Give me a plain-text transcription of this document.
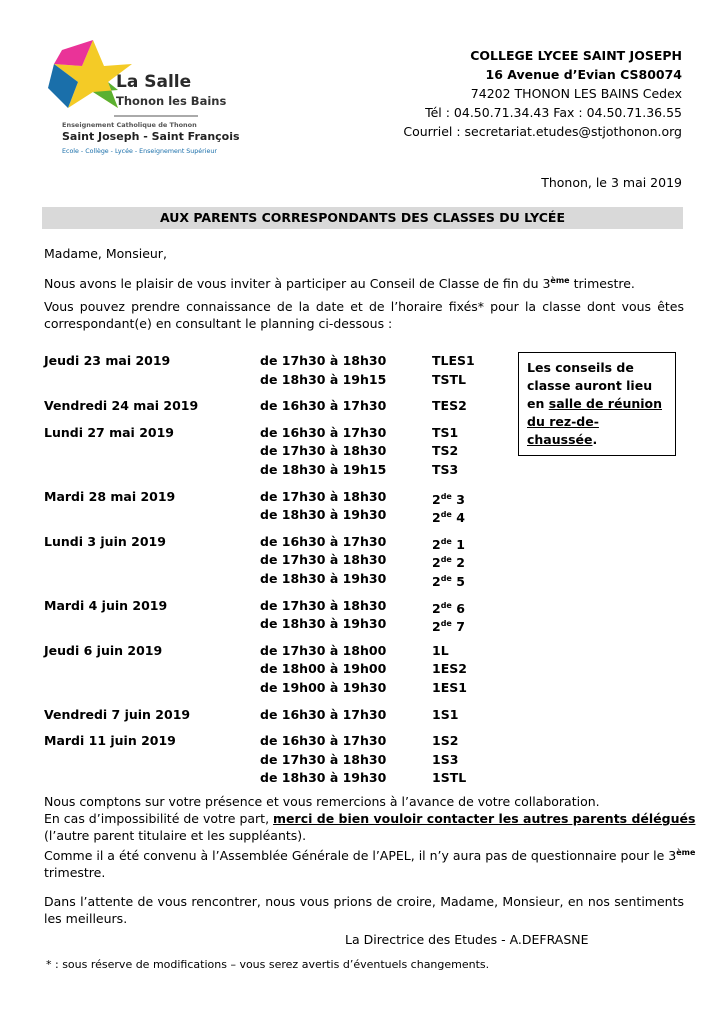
La Salle
Thonon les Bains
Enseignement Catholique de Thonon
Saint Joseph - Saint François
Ecole - Collège - Lycée - Enseignement Supérieur
COLLEGE LYCEE SAINT JOSEPH
16 Avenue d’Evian CS80074
74202 THONON LES BAINS Cedex
Tél : 04.50.71.34.43 Fax : 04.50.71.36.55
Courriel : secretariat.etudes@stjothonon.org
Thonon, le 3 mai 2019
AUX PARENTS CORRESPONDANTS DES CLASSES DU LYCÉE
Madame, Monsieur,
Nous avons le plaisir de vous inviter à participer au Conseil de Classe de fin du 3ème trimestre.
Vous pouvez prendre connaissance de la date et de l’horaire fixés* pour la classe dont vous êtes correspondant(e) en consultant le planning ci-dessous :
Jeudi 23 mai 2019	de 17h30 à 18h30	TLES1
de 18h30 à 19h15	TSTL
Vendredi 24 mai 2019	de 16h30 à 17h30	TES2
Lundi 27 mai 2019	de 16h30 à 17h30	TS1
de 17h30 à 18h30	TS2
de 18h30 à 19h15	TS3
Mardi 28 mai 2019	de 17h30 à 18h30	2de 3
de 18h30 à 19h30	2de 4
Lundi 3 juin 2019	de 16h30 à 17h30	2de 1
de 17h30 à 18h30	2de 2
de 18h30 à 19h30	2de 5
Mardi 4 juin 2019	de 17h30 à 18h30	2de 6
de 18h30 à 19h30	2de 7
Jeudi 6 juin 2019	de 17h30 à 18h00	1L
de 18h00 à 19h00	1ES2
de 19h00 à 19h30	1ES1
Vendredi 7 juin 2019	de 16h30 à 17h30	1S1
Mardi 11 juin 2019	de 16h30 à 17h30	1S2
de 17h30 à 18h30	1S3
de 18h30 à 19h30	1STL
Les conseils de classe auront lieu en salle de réunion du rez-de-chaussée.
Nous comptons sur votre présence et vous remercions à l’avance de votre collaboration.
En cas d’impossibilité de votre part, merci de bien vouloir contacter les autres parents délégués
(l’autre parent titulaire et les suppléants).
Comme il a été convenu à l’Assemblée Générale de l’APEL, il n’y aura pas de questionnaire pour le 3ème
trimestre.
Dans l’attente de vous rencontrer, nous vous prions de croire, Madame, Monsieur, en nos sentiments les meilleurs.
La Directrice des Etudes - A.DEFRASNE
* : sous réserve de modifications – vous serez avertis d’éventuels changements.
